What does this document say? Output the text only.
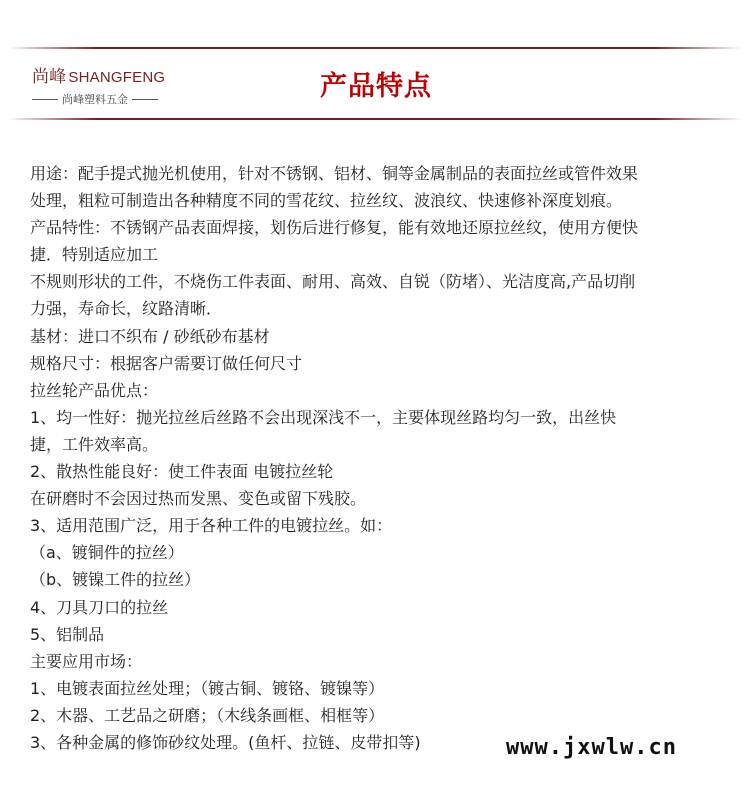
尚峰 SHANGFENG
尚峰塑料五金	产品特点
用途：配手提式抛光机使用，针对不锈钢、铝材、铜等金属制品的表面拉丝或管件效果
处理，粗粒可制造出各种精度不同的雪花纹、拉丝纹、波浪纹、快速修补深度划痕。
产品特性：不锈钢产品表面焊接，划伤后进行修复，能有效地还原拉丝纹，使用方便快
捷．特别适应加工
不规则形状的工件，不烧伤工件表面、耐用、高效、自锐（防堵）、光洁度高,产品切削
力强，寿命长，纹路清晰．
基材：进口不织布 / 砂纸砂布基材
规格尺寸：根据客户需要订做任何尺寸
拉丝轮产品优点：
1、均一性好：抛光拉丝后丝路不会出现深浅不一，主要体现丝路均匀一致，出丝快
捷，工件效率高。
2、散热性能良好：使工件表面 电镀拉丝轮
在研磨时不会因过热而发黑、变色或留下残胶。
3、适用范围广泛，用于各种工件的电镀拉丝。如：
（a、镀铜件的拉丝）
（b、镀镍工件的拉丝）
4、刀具刀口的拉丝
5、铝制品
主要应用市场：
1、电镀表面拉丝处理；（镀古铜、镀铬、镀镍等）
2、木器、工艺品之研磨；（木线条画框、相框等）
3、各种金属的修饰砂纹处理。(鱼杆、拉链、皮带扣等)	www.jxwlw.cn
